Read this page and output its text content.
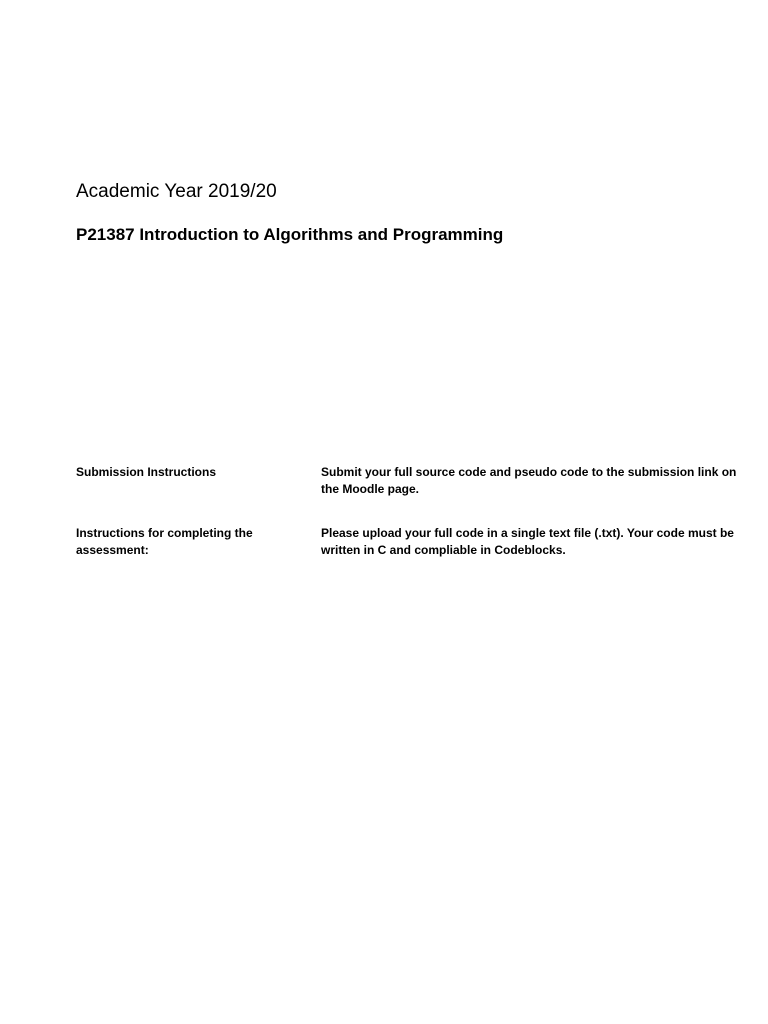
Academic Year 2019/20
P21387 Introduction to Algorithms and Programming
Submission Instructions	Submit your full source code and pseudo code to the submission link on the Moodle page.
Instructions for completing the assessment:
Please upload your full code in a single text file (.txt). Your code must be written in C and compliable in Codeblocks.
